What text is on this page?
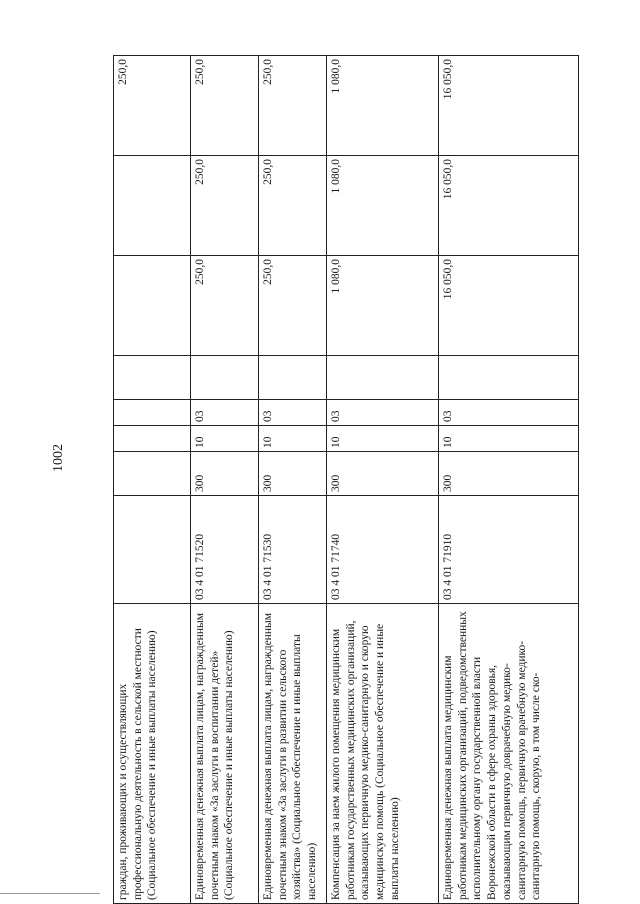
1002
граждан, проживающих и осуществляющих профессиональную деятельность в сельской местности (Социальное обеспечение и иные выплаты населению)								250,0
Единовременная денежная выплата лицам, награжденным почетным знаком «За заслуги в воспитании детей» (Социальное обеспечение и иные выплаты населению)	03 4 01 71520	300	10	03		250,0	250,0	250,0
Единовременная денежная выплата лицам, награжденным почетным знаком «За заслуги в развитии сельского хозяйства» (Социальное обеспечение и иные выплаты населению)	03 4 01 71530	300	10	03		250,0	250,0	250,0
Компенсация за наем жилого помещения медицинским работникам государственных медицинских организаций, оказывающих первичную медико-санитарную и скорую медицинскую помощь (Социальное обеспечение и иные выплаты населению)	03 4 01 71740	300	10	03		1 080,0	1 080,0	1 080,0
Единовременная денежная выплата медицинским работникам медицинских организаций, подведомственных исполнительному органу государственной власти Воронежской области в сфере охраны здоровья, оказывающим первичную доврачебную медико-санитарную помощь, первичную врачебную медико-санитарную помощь, скорую, в том числе ско-	03 4 01 71910	300	10	03		16 050,0	16 050,0	16 050,0
